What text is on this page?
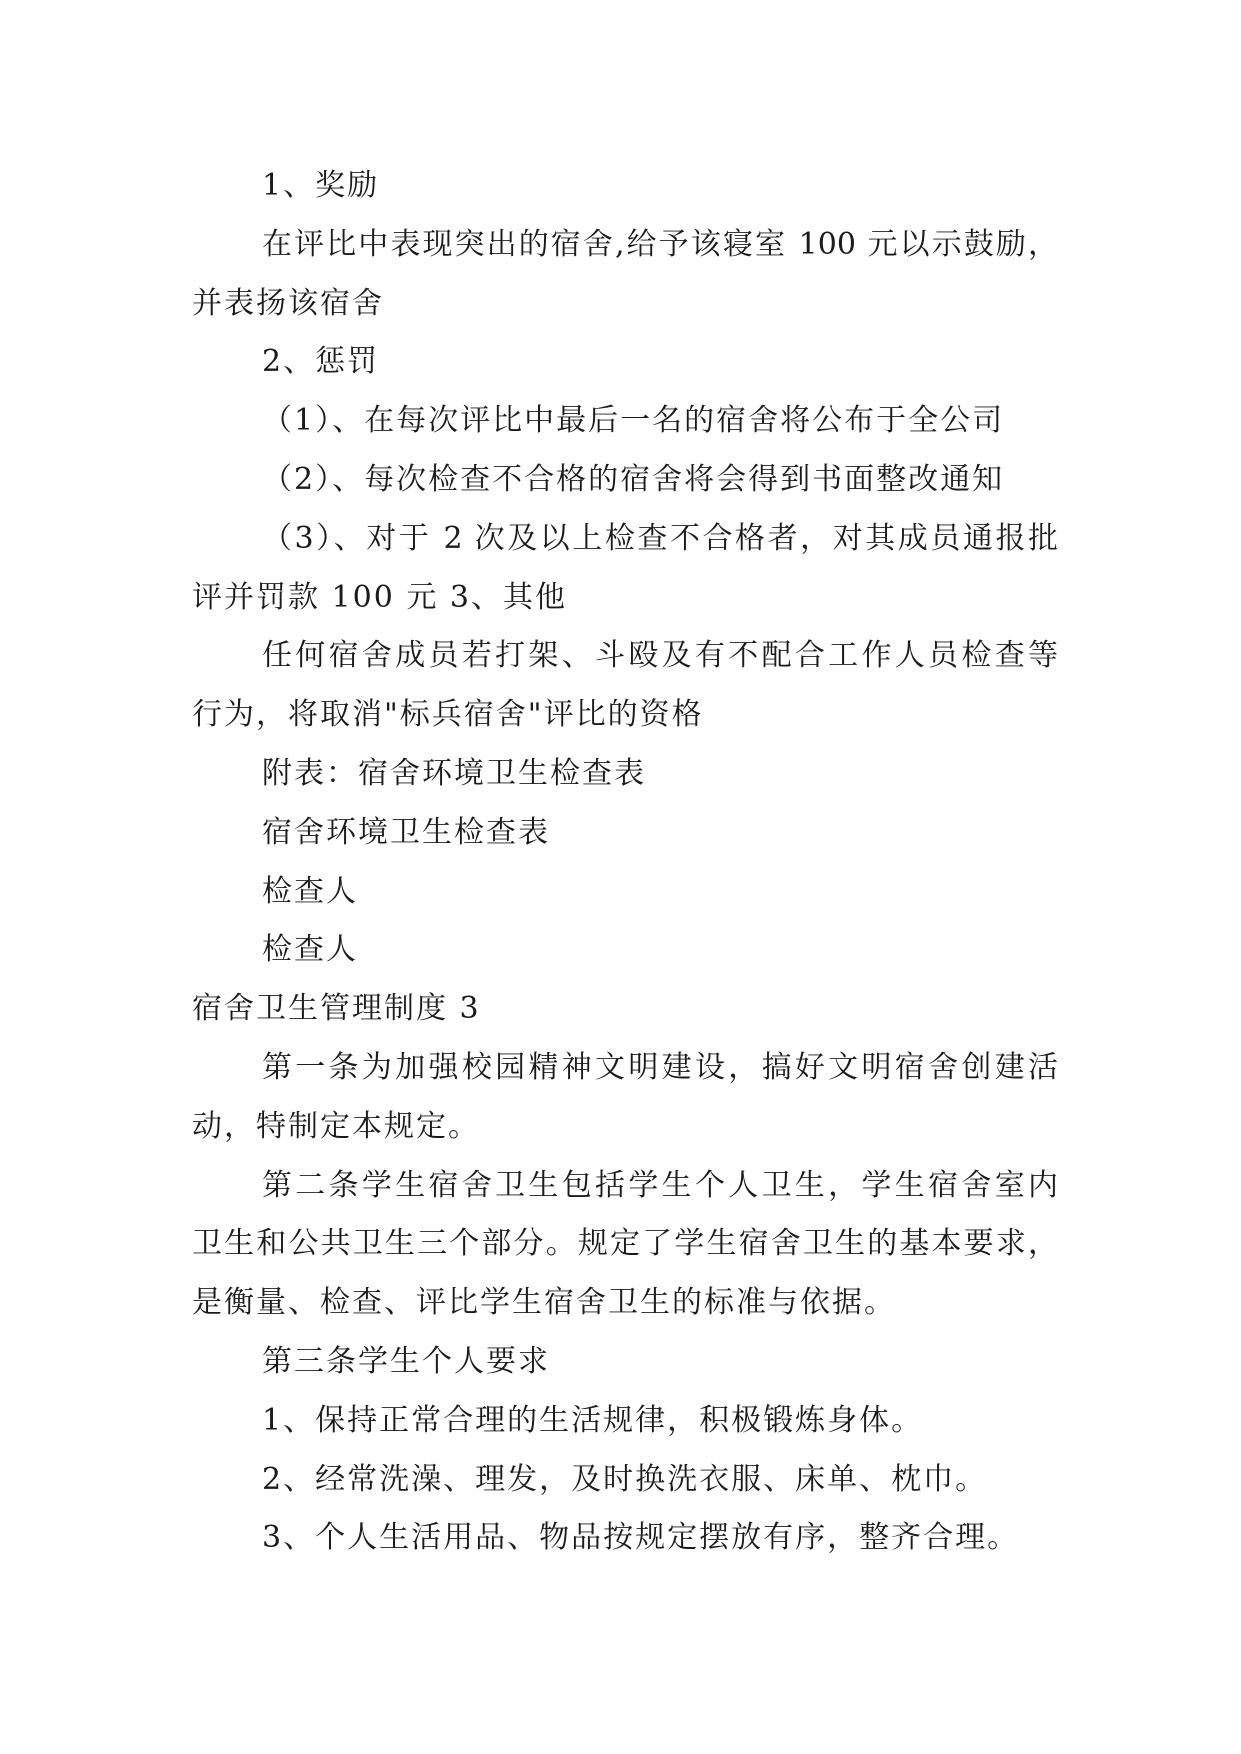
1、奖励
在评比中表现突出的宿舍,给予该寝室 100 元以示鼓励，
并表扬该宿舍
2、惩罚
（1）、在每次评比中最后一名的宿舍将公布于全公司
（2）、每次检查不合格的宿舍将会得到书面整改通知
（3）、对于 2 次及以上检查不合格者，对其成员通报批
评并罚款 100 元 3、其他
任何宿舍成员若打架、斗殴及有不配合工作人员检查等
行为，将取消"标兵宿舍"评比的资格
附表：宿舍环境卫生检查表
宿舍环境卫生检查表
检查人
检查人
宿舍卫生管理制度 3
第一条为加强校园精神文明建设，搞好文明宿舍创建活
动，特制定本规定。
第二条学生宿舍卫生包括学生个人卫生，学生宿舍室内
卫生和公共卫生三个部分。规定了学生宿舍卫生的基本要求，
是衡量、检查、评比学生宿舍卫生的标准与依据。
第三条学生个人要求
1、保持正常合理的生活规律，积极锻炼身体。
2、经常洗澡、理发，及时换洗衣服、床单、枕巾。
3、个人生活用品、物品按规定摆放有序，整齐合理。
